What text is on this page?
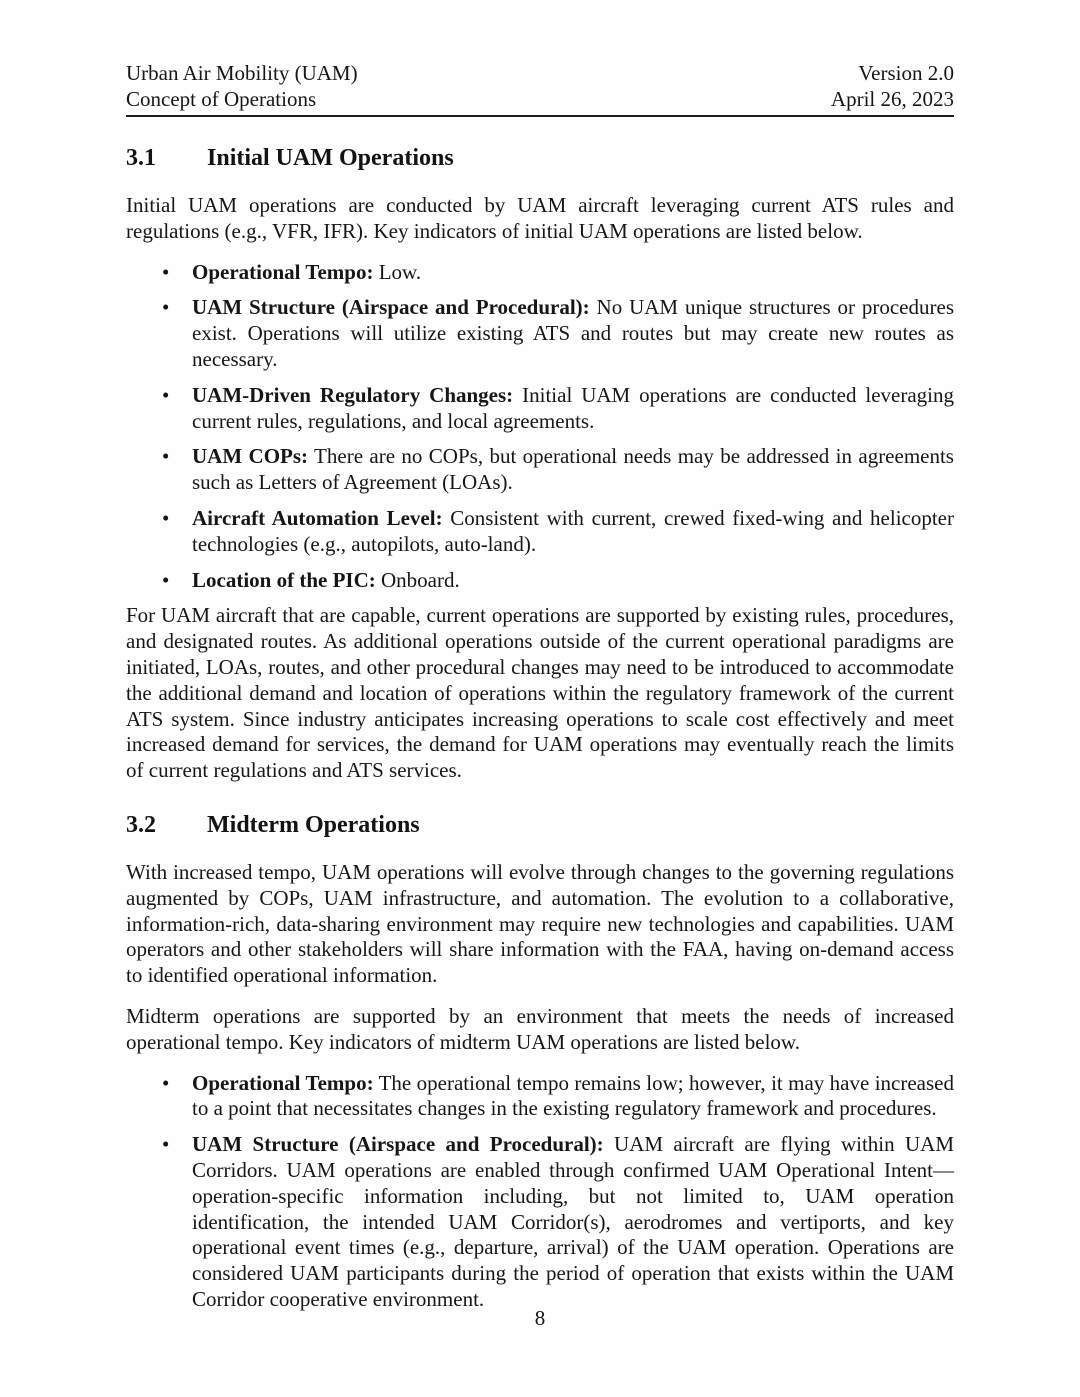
Urban Air Mobility (UAM)
Concept of Operations
Version 2.0
April 26, 2023
3.1	Initial UAM Operations

Initial UAM operations are conducted by UAM aircraft leveraging current ATS rules and regulations (e.g., VFR, IFR). Key indicators of initial UAM operations are listed below.

• Operational Tempo: Low.
• UAM Structure (Airspace and Procedural): No UAM unique structures or procedures exist. Operations will utilize existing ATS and routes but may create new routes as necessary.
• UAM-Driven Regulatory Changes: Initial UAM operations are conducted leveraging current rules, regulations, and local agreements.
• UAM COPs: There are no COPs, but operational needs may be addressed in agreements such as Letters of Agreement (LOAs).
• Aircraft Automation Level: Consistent with current, crewed fixed-wing and helicopter technologies (e.g., autopilots, auto-land).
• Location of the PIC: Onboard.

For UAM aircraft that are capable, current operations are supported by existing rules, procedures, and designated routes. As additional operations outside of the current operational paradigms are initiated, LOAs, routes, and other procedural changes may need to be introduced to accommodate the additional demand and location of operations within the regulatory framework of the current ATS system. Since industry anticipates increasing operations to scale cost effectively and meet increased demand for services, the demand for UAM operations may eventually reach the limits of current regulations and ATS services.

3.2	Midterm Operations

With increased tempo, UAM operations will evolve through changes to the governing regulations augmented by COPs, UAM infrastructure, and automation. The evolution to a collaborative, information-rich, data-sharing environment may require new technologies and capabilities. UAM operators and other stakeholders will share information with the FAA, having on-demand access to identified operational information.

Midterm operations are supported by an environment that meets the needs of increased operational tempo. Key indicators of midterm UAM operations are listed below.

• Operational Tempo: The operational tempo remains low; however, it may have increased to a point that necessitates changes in the existing regulatory framework and procedures.
• UAM Structure (Airspace and Procedural): UAM aircraft are flying within UAM Corridors. UAM operations are enabled through confirmed UAM Operational Intent—operation-specific information including, but not limited to, UAM operation identification, the intended UAM Corridor(s), aerodromes and vertiports, and key operational event times (e.g., departure, arrival) of the UAM operation. Operations are considered UAM participants during the period of operation that exists within the UAM Corridor cooperative environment.
8
